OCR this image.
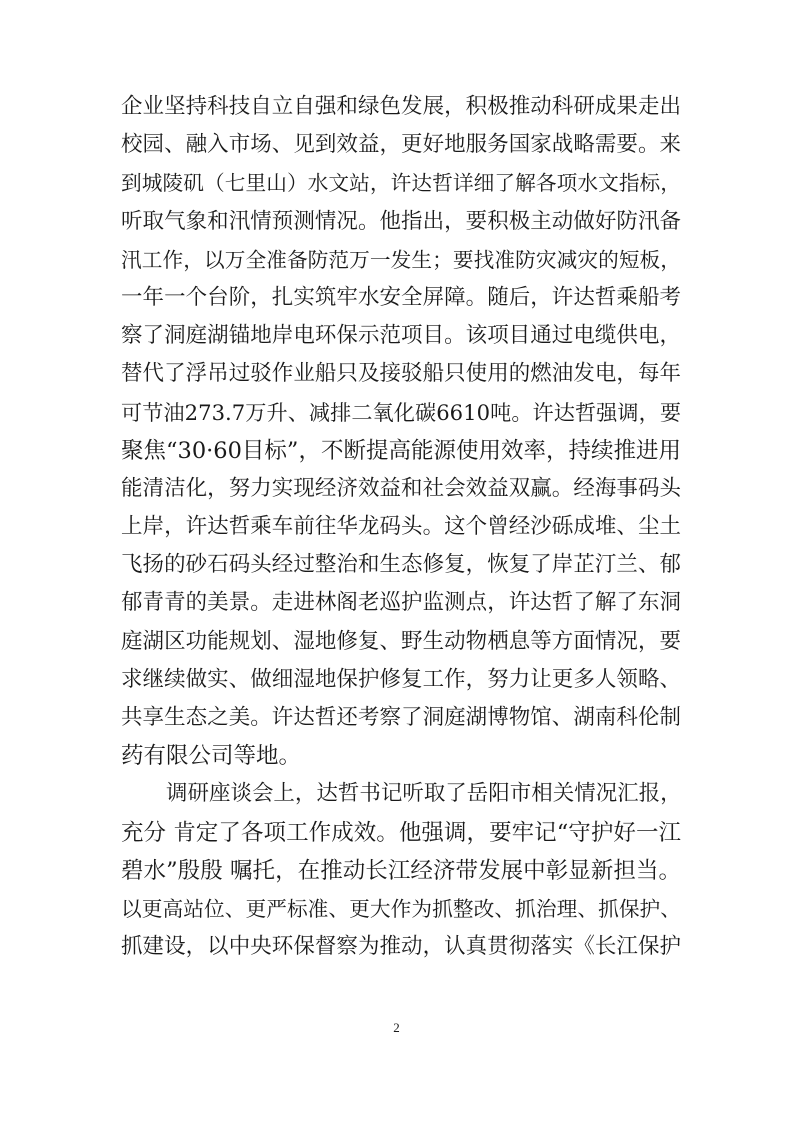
企业坚持科技自立自强和绿色发展，积极推动科研成果走出
校园、融入市场、见到效益，更好地服务国家战略需要。来
到城陵矶（七里山）水文站，许达哲详细了解各项水文指标，
听取气象和汛情预测情况。他指出，要积极主动做好防汛备
汛工作，以万全准备防范万一发生；要找准防灾减灾的短板，
一年一个台阶，扎实筑牢水安全屏障。随后，许达哲乘船考
察了洞庭湖锚地岸电环保示范项目。该项目通过电缆供电，
替代了浮吊过驳作业船只及接驳船只使用的燃油发电，每年
可节油273.7万升、减排二氧化碳6610吨。许达哲强调，要
聚焦“30·60目标”，不断提高能源使用效率，持续推进用
能清洁化，努力实现经济效益和社会效益双赢。经海事码头
上岸，许达哲乘车前往华龙码头。这个曾经沙砾成堆、尘土
飞扬的砂石码头经过整治和生态修复，恢复了岸芷汀兰、郁
郁青青的美景。走进林阁老巡护监测点，许达哲了解了东洞
庭湖区功能规划、湿地修复、野生动物栖息等方面情况，要
求继续做实、做细湿地保护修复工作，努力让更多人领略、
共享生态之美。许达哲还考察了洞庭湖博物馆、湖南科伦制
药有限公司等地。
调研座谈会上，达哲书记听取了岳阳市相关情况汇报，
充分 肯定了各项工作成效。他强调，要牢记“守护好一江
碧水”殷殷 嘱托，在推动长江经济带发展中彰显新担当。
以更高站位、更严标准、更大作为抓整改、抓治理、抓保护、
抓建设，以中央环保督察为推动，认真贯彻落实《长江保护
2
